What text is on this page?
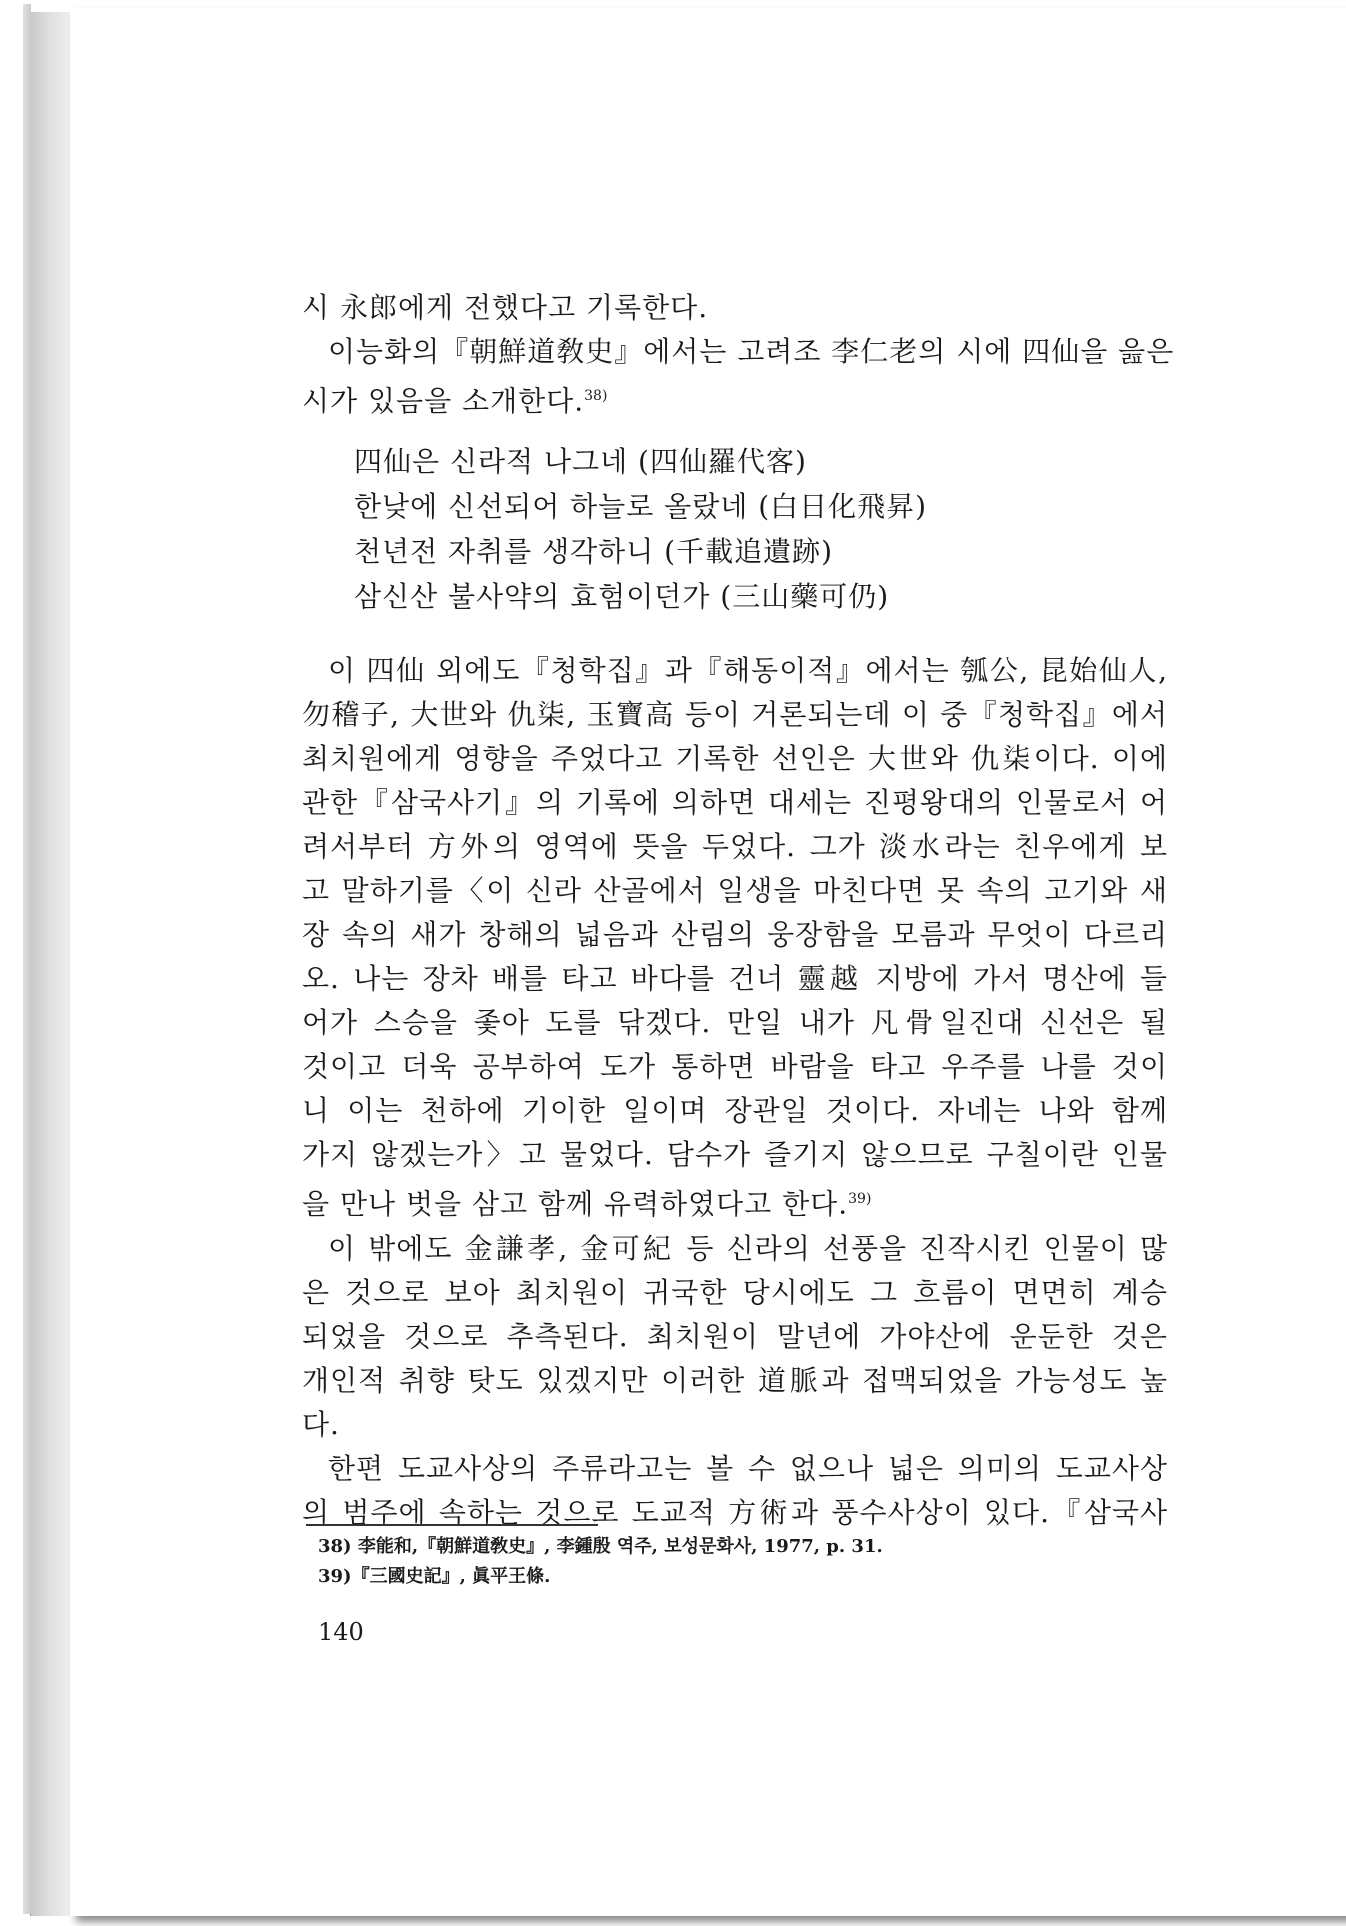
시 永郎에게 전했다고 기록한다.
이능화의『朝鮮道敎史』에서는 고려조 李仁老의 시에 四仙을 읊은
시가 있음을 소개한다.$^{38)}$
四仙은 신라적 나그네 (四仙羅代客)
한낮에 신선되어 하늘로 올랐네 (白日化飛昇)
천년전 자취를 생각하니 (千載追遺跡)
삼신산 불사약의 효험이던가 (三山藥可仍)
이 四仙 외에도『청학집』과『해동이적』에서는 瓠公, 昆始仙人,
勿稽子, 大世와 仇柒, 玉寶高 등이 거론되는데 이 중『청학집』에서
최치원에게 영향을 주었다고 기록한 선인은 大世와 仇柒이다. 이에
관한『삼국사기』의 기록에 의하면 대세는 진평왕대의 인물로서 어
려서부터 方外의 영역에 뜻을 두었다. 그가 淡水라는 친우에게 보
고 말하기를〈이 신라 산골에서 일생을 마친다면 못 속의 고기와 새
장 속의 새가 창해의 넓음과 산림의 웅장함을 모름과 무엇이 다르리
오. 나는 장차 배를 타고 바다를 건너 靈越 지방에 가서 명산에 들
어가 스승을 좇아 도를 닦겠다. 만일 내가 凡骨일진대 신선은 될
것이고 더욱 공부하여 도가 통하면 바람을 타고 우주를 나를 것이
니 이는 천하에 기이한 일이며 장관일 것이다. 자네는 나와 함께
가지 않겠는가〉고 물었다. 담수가 즐기지 않으므로 구칠이란 인물
을 만나 벗을 삼고 함께 유력하였다고 한다.$^{39)}$
이 밖에도 金謙孝, 金可紀 등 신라의 선풍을 진작시킨 인물이 많
은 것으로 보아 최치원이 귀국한 당시에도 그 흐름이 면면히 계승
되었을 것으로 추측된다. 최치원이 말년에 가야산에 운둔한 것은
개인적 취향 탓도 있겠지만 이러한 道脈과 접맥되었을 가능성도 높
다.
한편 도교사상의 주류라고는 볼 수 없으나 넓은 의미의 도교사상
의 범주에 속하는 것으로 도교적 方術과 풍수사상이 있다.『삼국사
38) 李能和,『朝鮮道敎史』, 李鍾殷 역주, 보성문화사, 1977, p. 31.
39)『三國史記』, 眞平王條.
140
